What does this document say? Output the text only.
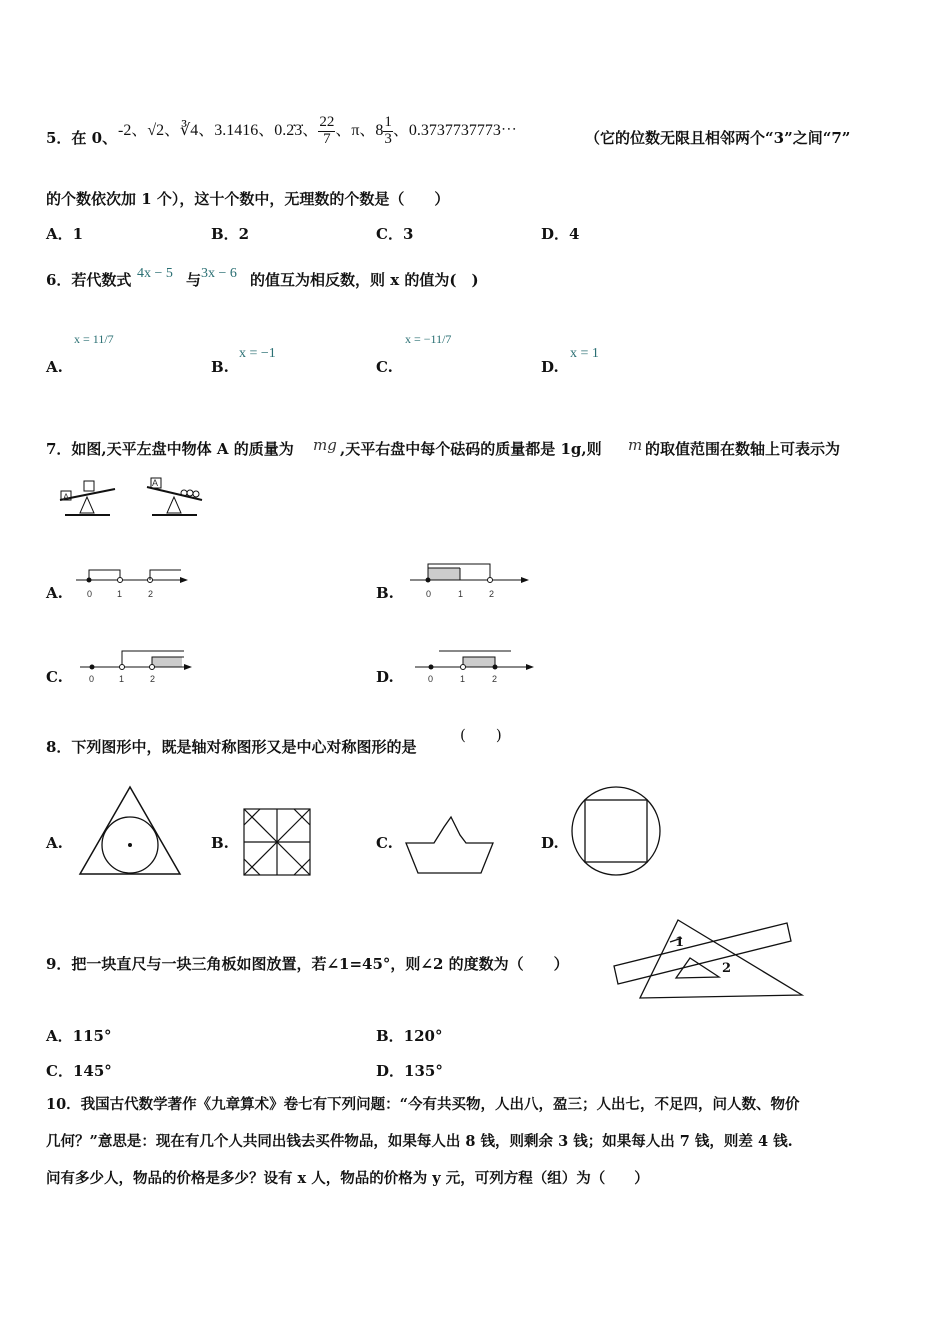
5．在 0、 -2、√2、∛4、3.1416、0.2̇3̇、 $\frac{22}{7}$ 、π、$8 \frac{1}{3}$ 、0.3737737773⋯	（它的位数无限且相邻两个“3”之间“7”
的个数依次加 1 个），这十个数中，无理数的个数是（　　）
A．1	B．2	C．3	D．4
6．若代数式 4x − 5 与 3x − 6 的值互为相反数，则 x 的值为(　)
A.
x = 11/7
B.
x = −1
C.
x = −11/7
D.
x = 1
7．如图,天平左盘中物体 A 的质量为 mg ,天平右盘中每个砝码的质量都是 1g,则 m 的取值范围在数轴上可表示为
A
A
A.	0	1	2	B.	0	1	2
C.	0	1	2	D.	0	1	2
8．下列图形中，既是轴对称图形又是中心对称图形的是
(　　)
A.	B.	C.	D.
9．把一块直尺与一块三角板如图放置，若∠1=45°，则∠2 的度数为（　　）
1
2
A．115°	B．120°
C．145°	D．135°
10．我国古代数学著作《九章算术》卷七有下列问题：“今有共买物，人出八，盈三；人出七，不足四，问人数、物价
几何？”意思是：现在有几个人共同出钱去买件物品，如果每人出 8 钱，则剩余 3 钱；如果每人出 7 钱，则差 4 钱.
问有多少人，物品的价格是多少？设有 x 人，物品的价格为 y 元，可列方程（组）为（　　）
